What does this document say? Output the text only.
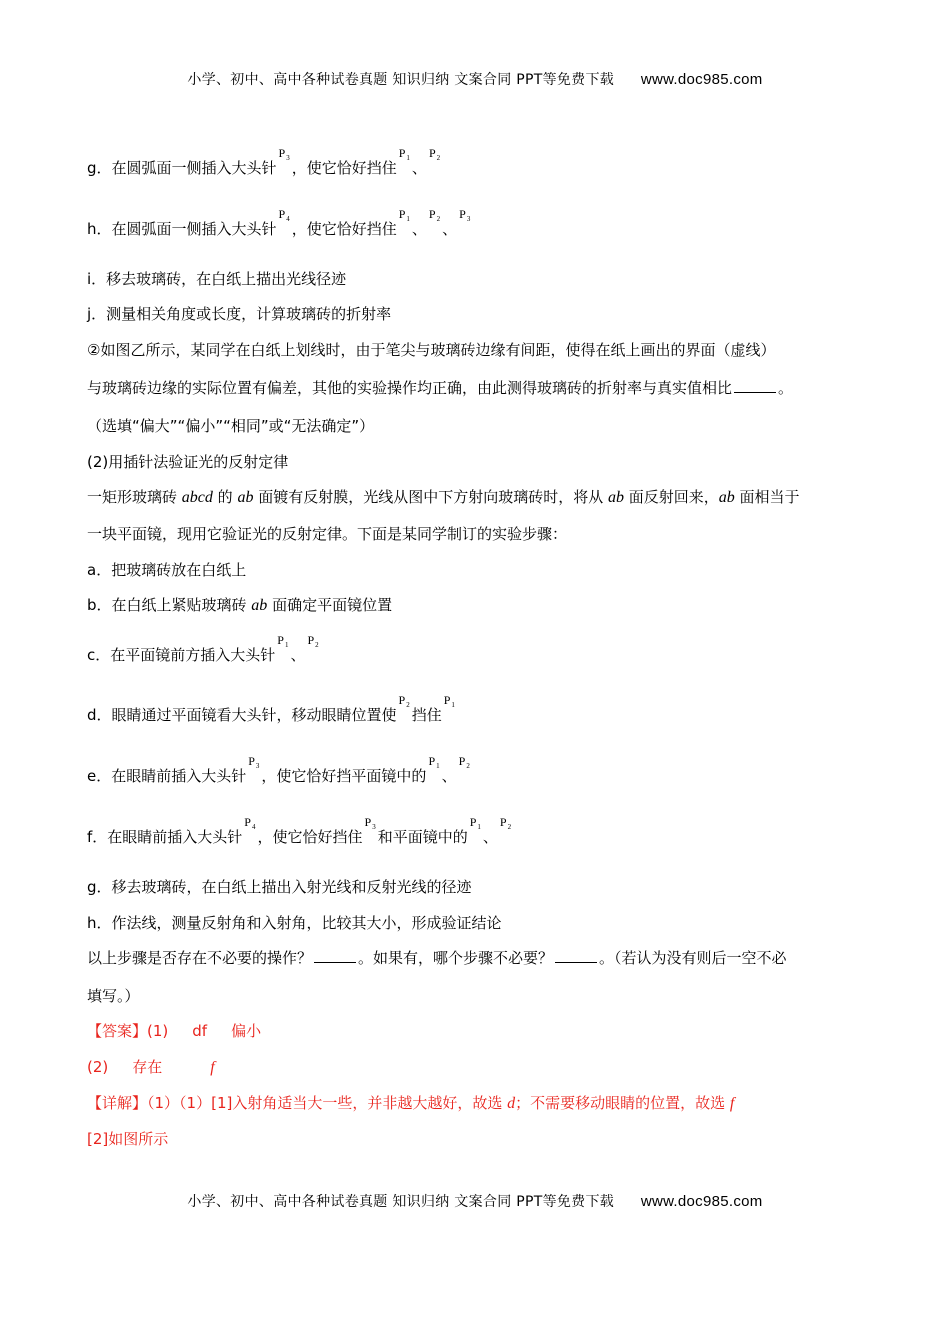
小学、初中、高中各种试卷真题 知识归纳 文案合同 PPT等免费下载 www.doc985.com
g．在圆弧面一侧插入大头针$^{P_3}$，使它恰好挡住$^{P_1}$、$^{P_2}$
h．在圆弧面一侧插入大头针$^{P_4}$，使它恰好挡住$^{P_1}$、$^{P_2}$、$^{P_3}$
i．移去玻璃砖，在白纸上描出光线径迹
j．测量相关角度或长度，计算玻璃砖的折射率
②如图乙所示，某同学在白纸上划线时，由于笔尖与玻璃砖边缘有间距，使得在纸上画出的界面（虚线）
与玻璃砖边缘的实际位置有偏差，其他的实验操作均正确，由此测得玻璃砖的折射率与真实值相比	。
（选填“偏大”“偏小”“相同”或“无法确定”）
(2)用插针法验证光的反射定律
一矩形玻璃砖 abcd 的 ab 面镀有反射膜，光线从图中下方射向玻璃砖时，将从 ab 面反射回来，ab 面相当于
一块平面镜，现用它验证光的反射定律。下面是某同学制订的实验步骤：
a．把玻璃砖放在白纸上
b．在白纸上紧贴玻璃砖 ab 面确定平面镜位置
c．在平面镜前方插入大头针$^{P_1}$、$^{P_2}$
d．眼睛通过平面镜看大头针，移动眼睛位置使$^{P_2}$挡住$^{P_1}$
e．在眼睛前插入大头针$^{P_3}$，使它恰好挡平面镜中的$^{P_1}$、$^{P_2}$
f．在眼睛前插入大头针$^{P_4}$，使它恰好挡住$^{P_3}$和平面镜中的$^{P_1}$、$^{P_2}$
g．移去玻璃砖，在白纸上描出入射光线和反射光线的径迹
h．作法线，测量反射角和入射角，比较其大小，形成验证结论
以上步骤是否存在不必要的操作？	。如果有，哪个步骤不必要？	。（若认为没有则后一空不必
填写。）
【答案】(1) df 偏小
(2) 存在	f
【详解】（1）（1）[1]入射角适当大一些，并非越大越好，故选 d；不需要移动眼睛的位置，故选 f
[2]如图所示
小学、初中、高中各种试卷真题 知识归纳 文案合同 PPT等免费下载 www.doc985.com
